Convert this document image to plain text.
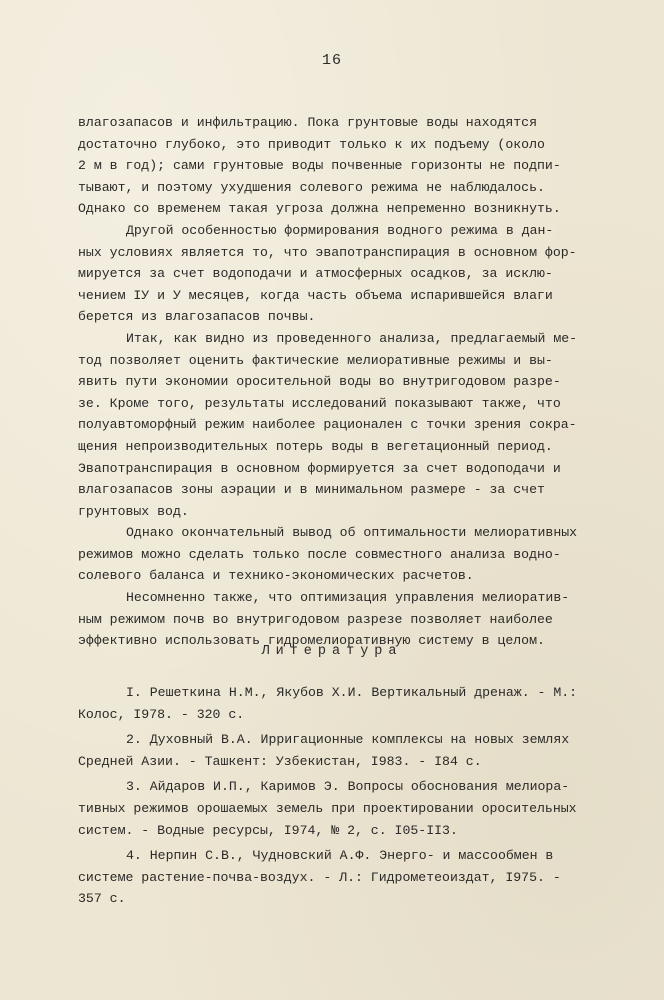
16
влагозапасов и инфильтрацию. Пока грунтовые воды находятся
достаточно глубоко, это приводит только к их подъему (около
2 м в год); сами грунтовые воды почвенные горизонты не подпи-
тывают, и поэтому ухудшения солевого режима не наблюдалось.
Однако со временем такая угроза должна непременно возникнуть.
Другой особенностью формирования водного режима в дан-
ных условиях является то, что эвапотранспирация в основном фор-
мируется за счет водоподачи и атмосферных осадков, за исклю-
чением IУ и У месяцев, когда часть объема испарившейся влаги
берется из влагозапасов почвы.
Итак, как видно из проведенного анализа, предлагаемый ме-
тод позволяет оценить фактические мелиоративные режимы и вы-
явить пути экономии оросительной воды во внутригодовом разре-
зе. Кроме того, результаты исследований показывают также, что
полуавтоморфный режим наиболее рационален с точки зрения сокра-
щения непроизводительных потерь воды в вегетационный период.
Эвапотранспирация в основном формируется за счет водоподачи и
влагозапасов зоны аэрации и в минимальном размере - за счет
грунтовых вод.
Однако окончательный вывод об оптимальности мелиоративных
режимов можно сделать только после совместного анализа водно-
солевого баланса и технико-экономических расчетов.
Несомненно также, что оптимизация управления мелиоратив-
ным режимом почв во внутригодовом разрезе позволяет наиболее
эффективно использовать гидромелиоративную систему в целом.
Литература
I. Решеткина Н.М., Якубов Х.И. Вертикальный дренаж. - М.:
Колос, I978. - 320 с.
2. Духовный В.А. Ирригационные комплексы на новых землях
Средней Азии. - Ташкент: Узбекистан, I983. - I84 с.
3. Айдаров И.П., Каримов Э. Вопросы обоснования мелиора-
тивных режимов орошаемых земель при проектировании оросительных
систем. - Водные ресурсы, I974, № 2, с. I05-II3.
4. Нерпин С.В., Чудновский А.Ф. Энерго- и массообмен в
системе растение-почва-воздух. - Л.: Гидрометеоиздат, I975. -
357 с.
